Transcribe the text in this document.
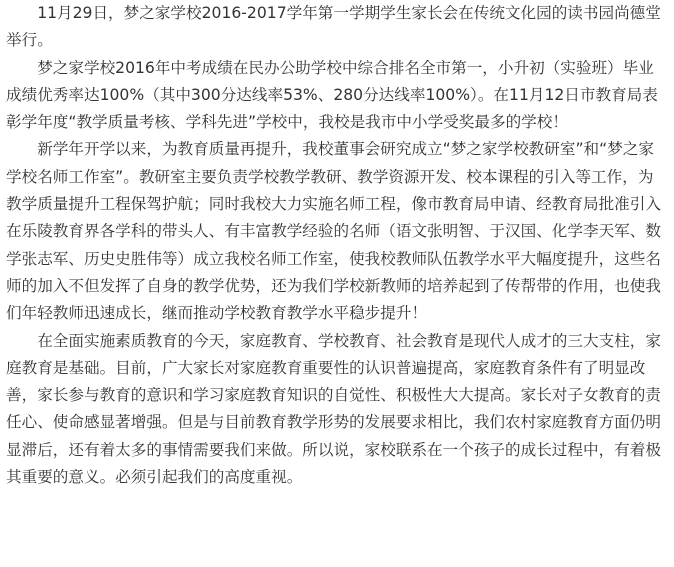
11月29日，梦之家学校2016-2017学年第一学期学生家长会在传统文化园的读书园尚德堂举行。

梦之家学校2016年中考成绩在民办公助学校中综合排名全市第一，小升初（实验班）毕业成绩优秀率达100%（其中300分达线率53%、280分达线率100%）。在11月12日市教育局表彰学年度“教学质量考核、学科先进”学校中，我校是我市中小学受奖最多的学校！

新学年开学以来，为教育质量再提升，我校董事会研究成立“梦之家学校教研室”和“梦之家学校名师工作室”。教研室主要负责学校教学教研、教学资源开发、校本课程的引入等工作，为教学质量提升工程保驾护航；同时我校大力实施名师工程，像市教育局申请、经教育局批准引入在乐陵教育界各学科的带头人、有丰富教学经验的名师（语文张明智、于汉国、化学李天军、数学张志军、历史史胜伟等）成立我校名师工作室，使我校教师队伍教学水平大幅度提升，这些名师的加入不但发挥了自身的教学优势，还为我们学校新教师的培养起到了传帮带的作用，也使我们年轻教师迅速成长，继而推动学校教育教学水平稳步提升！

在全面实施素质教育的今天，家庭教育、学校教育、社会教育是现代人成才的三大支柱，家庭教育是基础。目前，广大家长对家庭教育重要性的认识普遍提高，家庭教育条件有了明显改善，家长参与教育的意识和学习家庭教育知识的自觉性、积极性大大提高。家长对子女教育的责任心、使命感显著增强。但是与目前教育教学形势的发展要求相比，我们农村家庭教育方面仍明显滞后，还有着太多的事情需要我们来做。所以说，家校联系在一个孩子的成长过程中，有着极其重要的意义。必须引起我们的高度重视。
